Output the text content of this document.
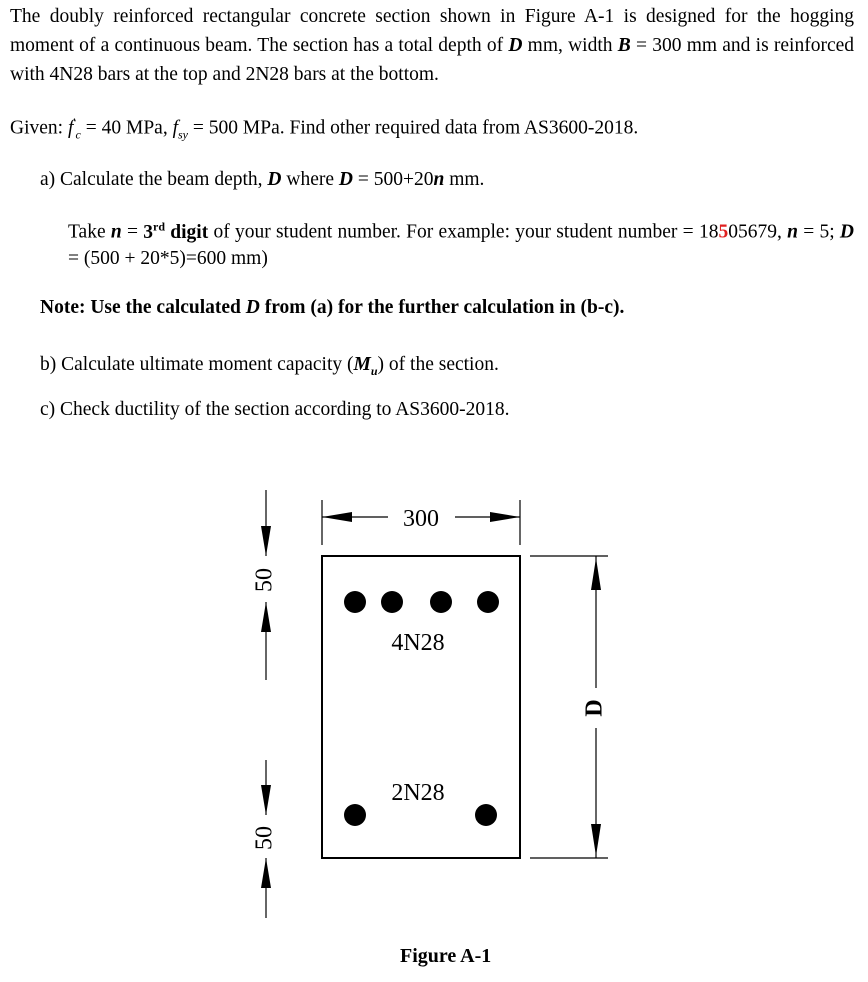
The doubly reinforced rectangular concrete section shown in Figure A-1 is designed for the hogging moment of a continuous beam. The section has a total depth of D mm, width B = 300 mm and is reinforced with 4N28 bars at the top and 2N28 bars at the bottom.
Given: $f'_c = 40$ MPa, $f_{sy} = 500$ MPa. Find other required data from AS3600-2018.
a) Calculate the beam depth, D where D = 500+20n mm.
Take n = 3rd digit of your student number. For example: your student number = 18505679, n = 5; D = (500 + 20*5)=600 mm)
Note: Use the calculated D from (a) for the further calculation in (b-c).
b) Calculate ultimate moment capacity $(M_u)$ of the section.
c) Check ductility of the section according to AS3600-2018.
300
4N28
2N28
D
50
50
Figure A-1
